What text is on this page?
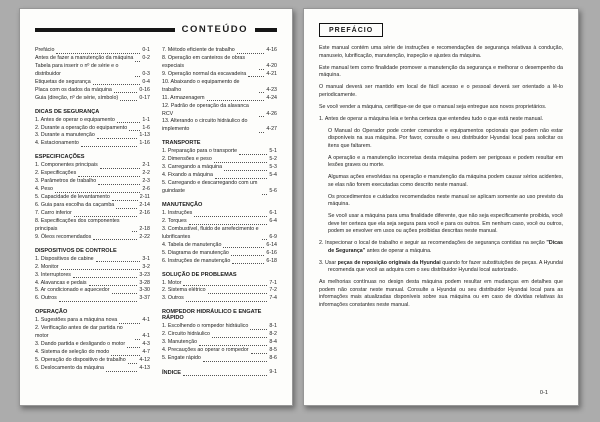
CONTEÚDO
Prefácio	0-1
Antes de fazer a manutenção da máquina 0-2
Tabela para inserir o nº de série e o distribuidor	0-3
Etiquetas de segurança	0-4
Placa com os dados da máquina	0-16
Guia (direção, nº de série, símbolo)	0-17
DICAS DE SEGURANÇA
1. Antes de operar o equipamento	1-1
2. Durante a operação do equipamento	1-6
3. Durante a manutenção	1-13
4. Estacionamento	1-16
ESPECIFICAÇÕES
1. Componentes principais	2-1
2. Especificações	2-2
3. Parâmetros de trabalho	2-3
4. Peso	2-6
5. Capacidade de levantamento	2-11
6. Guia para escolha da caçamba	2-14
7. Carro inferior	2-16
8. Especificações dos componentes principais	2-18
9. Óleos recomendados	2-22
DISPOSITIVOS DE CONTROLE
1. Dispositivos de cabine	3-1
2. Monitor	3-2
3. Interruptores	3-23
4. Alavancas e pedais	3-28
5. Ar condicionado e aquecedor	3-30
6. Outros	3-37
OPERAÇÃO
1. Sugestões para a máquina nova	4-1
2. Verificação antes de dar partida no motor	4-1
3. Dando partida e desligando o motor	4-3
4. Sistema de seleção do modo	4-7
5. Operação do dispositivo de trabalho	4-12
6. Deslocamento da máquina	4-13
7. Método eficiente de trabalho	4-16
8. Operação em canteiros de obras especiais	4-20
9. Operação normal da escavadeira	4-21
10. Abaixando o equipamento de trabalho	4-23
11. Armazenagem	4-24
12. Padrão de operação da alavanca RCV	4-26
13. Alterando o circuito hidráulico do implemento	4-27
TRANSPORTE
1. Preparação para o transporte	5-1
2. Dimensões e peso	5-2
3. Carregando a máquina	5-3
4. Fixando a máquina	5-4
5. Carregando e descarregando com um guindaste	5-6
MANUTENÇÃO
1. Instruções	6-1
2. Torques	6-4
3. Combustível, fluido de arrefecimento e lubrificantes	6-9
4. Tabela de manutenção	6-14
5. Diagrama de manutenção	6-16
6. Instruções de manutenção	6-18
SOLUÇÃO DE PROBLEMAS
1. Motor	7-1
2. Sistema elétrico	7-2
3. Outros	7-4
ROMPEDOR HIDRÁULICO E ENGATE RÁPIDO
1. Escolhendo o rompedor hidráulico	8-1
2. Circuito hidráulico	8-2
3. Manutenção	8-4
4. Precauções ao operar o rompedor	8-5
5. Engate rápido	8-6
ÍNDICE	9-1
PREFÁCIO

Este manual contém uma série de instruções e recomendações de segurança relativas à condução, manuseio, lubrificação, manutenção, inspeção e ajustes da máquina.

Este manual tem como finalidade promover a manutenção da segurança e melhorar o desempenho da máquina.

O manual deverá ser mantido em local de fácil acesso e o pessoal deverá ser orientado a lê-lo periodicamente.

Se você vender a máquina, certifique-se de que o manual seja entregue aos novos proprietários.

1. Antes de operar a máquina leia e tenha certeza que entendeu tudo o que está neste manual.

O Manual do Operador pode conter comandos e equipamentos opcionais que podem não estar disponíveis na sua máquina. Por favor, consulte o seu distribuidor Hyundai local para solicitar os itens que faltarem.

A operação e a manutenção incorretas desta máquina podem ser perigosas e podem resultar em lesões graves ou morte.

Algumas ações envolvidas na operação e manutenção da máquina podem causar sérios acidentes, se elas não forem executadas como descrito neste manual.

Os procedimentos e cuidados recomendados neste manual se aplicam somente ao uso previsto da máquina.

Se você usar a máquina para uma finalidade diferente, que não seja especificamente proibida, você deve ter certeza que ela seja segura para você e para os outros. Em nenhum caso, você ou outros, podem se envolver em usos ou ações proibidas descritas neste manual.

2. Inspecionar o local de trabalho e seguir as recomendações de segurança contidas na seção "Dicas de Segurança" antes de operar a máquina.

3. Usar peças de reposição originais da Hyundai quando for fazer substituições de peças. A Hyundai recomenda que você as adquira com o seu distribuidor Hyundai local autorizado.

As melhorias contínuas no design desta máquina podem resultar em mudanças em detalhes que podem não constar neste manual. Consulte a Hyundai ou seu distribuidor Hyundai local para as informações mais atualizadas disponíveis sobre sua máquina ou em caso de dúvidas relativas às informações constantes neste manual.

0-1
